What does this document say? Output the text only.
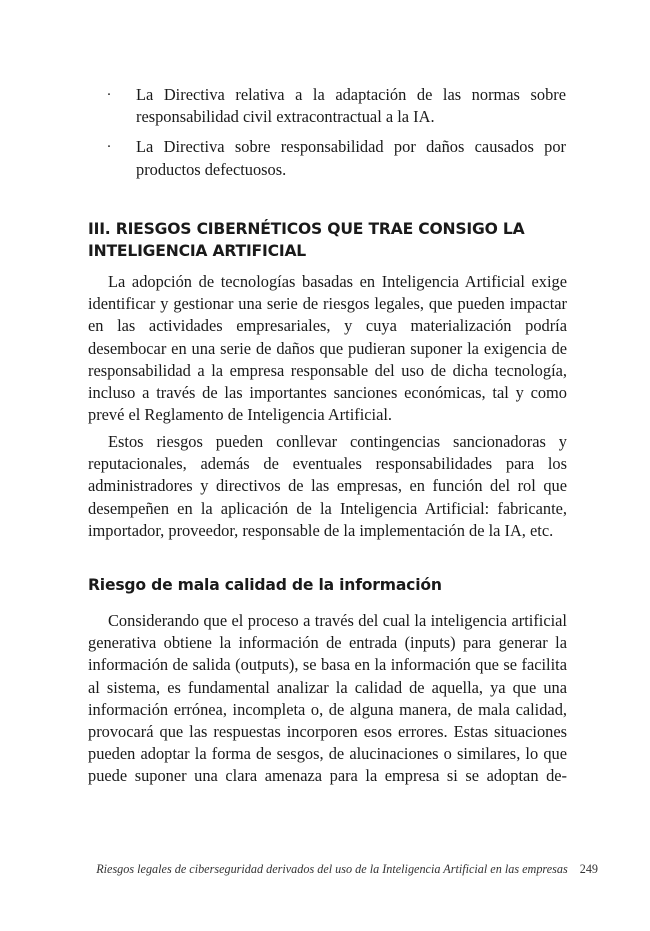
· La Directiva relativa a la adaptación de las normas sobre responsabilidad civil extracontractual a la IA.
· La Directiva sobre responsabilidad por daños causados por productos defectuosos.
III. RIESGOS CIBERNÉTICOS QUE TRAE CONSIGO LA
INTELIGENCIA ARTIFICIAL

La adopción de tecnologías basadas en Inteligencia Artificial exige identificar y gestionar una serie de riesgos legales, que pueden impactar en las actividades empresariales, y cuya materialización podría desembocar en una serie de daños que pudieran suponer la exigencia de responsabilidad a la empresa responsable del uso de dicha tecnología, incluso a través de las importantes sanciones económicas, tal y como prevé el Reglamento de Inteligencia Artificial.

Estos riesgos pueden conllevar contingencias sancionadoras y reputacionales, además de eventuales responsabilidades para los administradores y directivos de las empresas, en función del rol que desempeñen en la aplicación de la Inteligencia Artificial: fabricante, importador, proveedor, responsable de la implementación de la IA, etc.

Riesgo de mala calidad de la información

Considerando que el proceso a través del cual la inteligencia artificial generativa obtiene la información de entrada (inputs) para generar la información de salida (outputs), se basa en la información que se facilita al sistema, es fundamental analizar la calidad de aquella, ya que una información errónea, incompleta o, de alguna manera, de mala calidad, provocará que las respuestas incorporen esos errores. Estas situaciones pueden adoptar la forma de sesgos, de alucinaciones o similares, lo que puede suponer una clara amenaza para la empresa si se adoptan de-

Riesgos legales de ciberseguridad derivados del uso de la Inteligencia Artificial en las empresas 249
